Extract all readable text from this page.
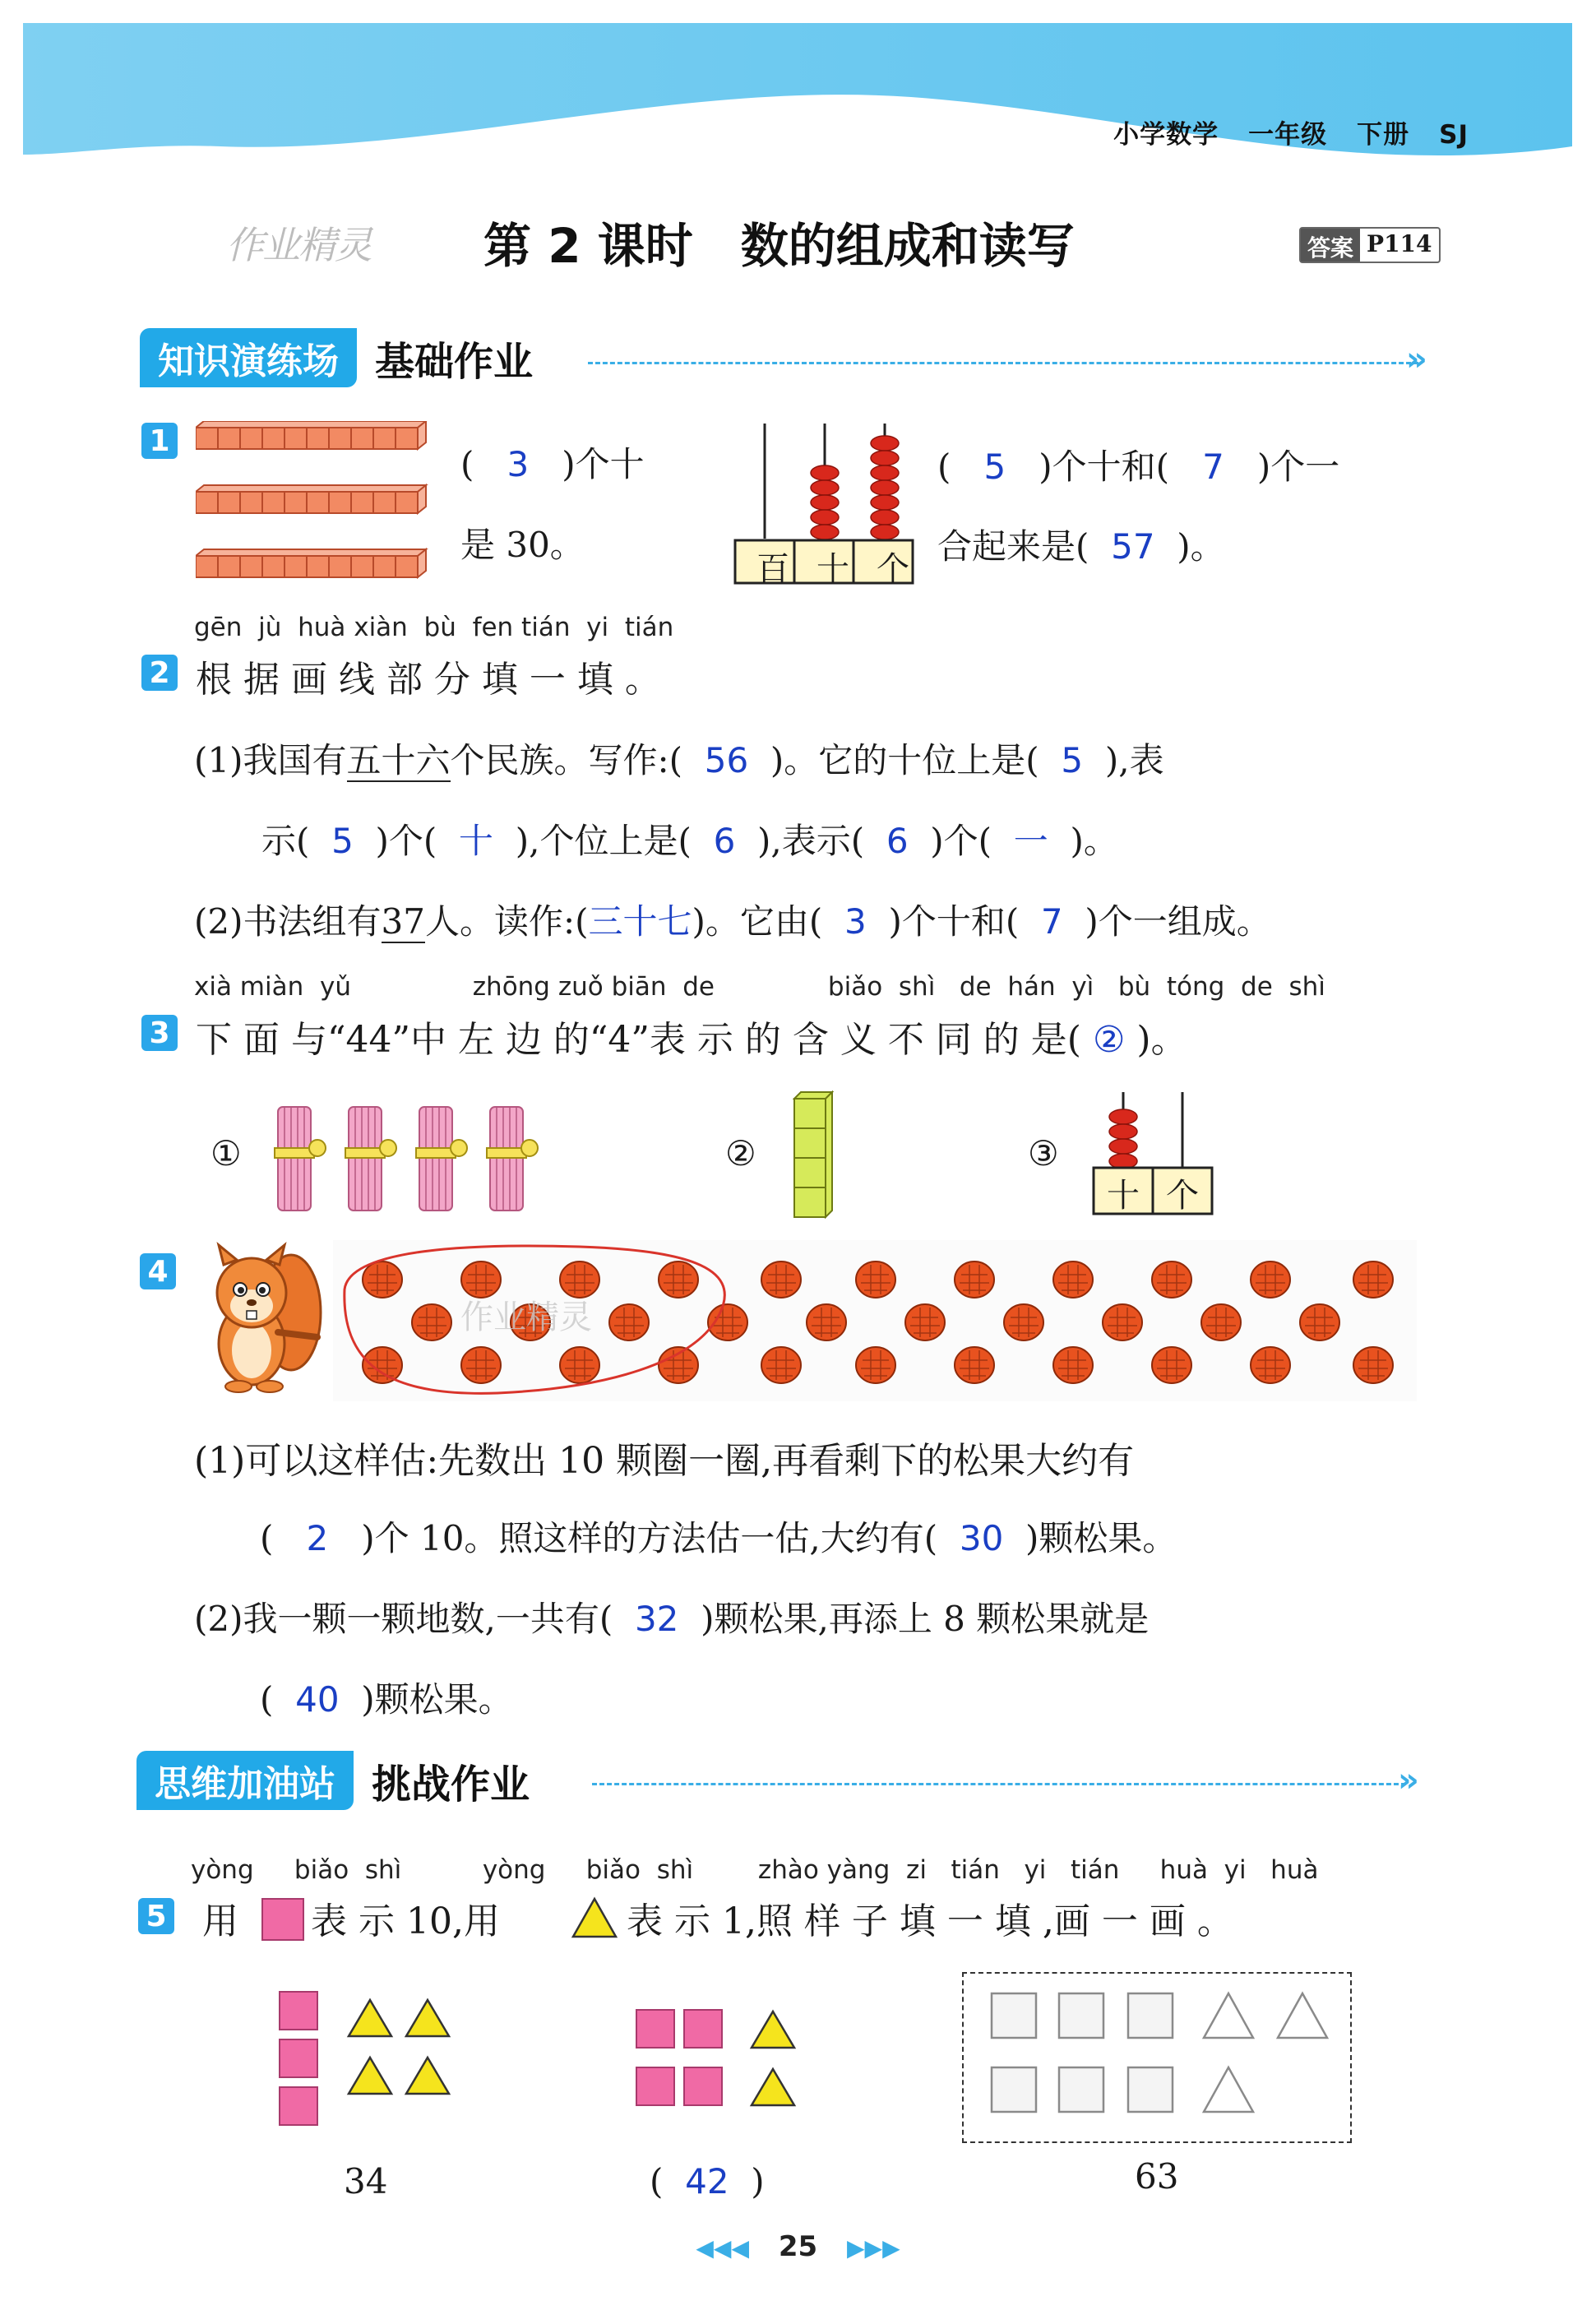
小学数学 一年级 下册 SJ
作业精灵 第 2 课时　数的组成和读写	答案 P114
知识演练场 基础作业	»
1
( 3 )个十
是 30。
百 十 个
( 5 )个十和( 7 )个一
合起来是( 57 )。
gēn  jù  huà xiàn  bù  fen tián  yi  tián
2 根 据 画 线 部 分 填 一 填 。
(1)我国有五十六个民族。写作:( 56 )。它的十位上是( 5 ),表
示( 5 )个( 十 ),个位上是( 6 ),表示( 6 )个( 一 )。
(2)书法组有37人。读作:(三十七)。它由( 3 )个十和( 7 )个一组成。
xià miàn  yǔ               zhōng zuǒ biān  de              biǎo  shì   de  hán  yì   bù  tóng  de  shì
3 下 面 与“44”中 左 边 的“4”表 示 的 含 义 不 同 的 是( ② )。
①	②	③
十 个
4
作业精灵
(1)可以这样估:先数出 10 颗圈一圈,再看剩下的松果大约有
( 2 )个 10。照这样的方法估一估,大约有( 30 )颗松果。
(2)我一颗一颗地数,一共有( 32 )颗松果,再添上 8 颗松果就是
( 40 )颗松果。
思维加油站 挑战作业	»
yòng     biǎo  shì          yòng     biǎo  shì        zhào yàng  zi   tián   yi   tián     huà  yi   huà
5 用 表 示 10,用	表 示 1,照 样 子 填 一 填 ,画 一 画 。
34	( 42 )	63
◀◀◀ 25 ▶▶▶
